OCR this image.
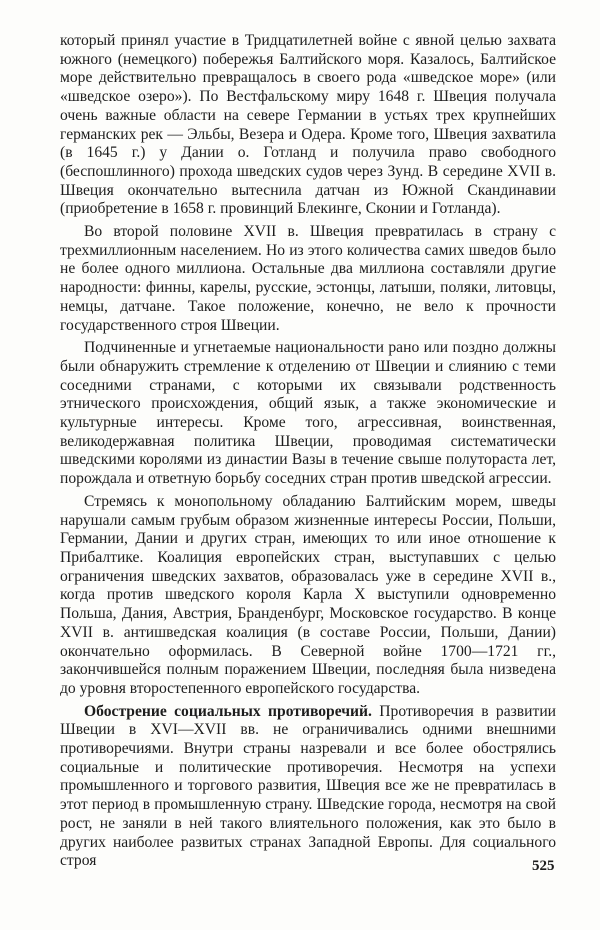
который принял участие в Тридцатилетней войне с явной целью захвата южного (немецкого) побережья Балтийского моря. Казалось, Балтийское море действительно превращалось в своего рода «шведское море» (или «шведское озеро»). По Вестфальскому миру 1648 г. Швеция получала очень важные области на севере Германии в устьях трех крупнейших германских рек — Эльбы, Везера и Одера. Кроме того, Швеция захватила (в 1645 г.) у Дании о. Готланд и получила право свободного (беспошлинного) прохода шведских судов через Зунд. В середине XVII в. Швеция окончательно вытеснила датчан из Южной Скандинавии (приобретение в 1658 г. провинций Блекинге, Сконии и Готланда).

Во второй половине XVII в. Швеция превратилась в страну с трехмиллионным населением. Но из этого количества самих шведов было не более одного миллиона. Остальные два миллиона составляли другие народности: финны, карелы, русские, эстонцы, латыши, поляки, литовцы, немцы, датчане. Такое положение, конечно, не вело к прочности государственного строя Швеции.

Подчиненные и угнетаемые национальности рано или поздно должны были обнаружить стремление к отделению от Швеции и слиянию с теми соседними странами, с которыми их связывали родственность этнического происхождения, общий язык, а также экономические и культурные интересы. Кроме того, агрессивная, воинственная, великодержавная политика Швеции, проводимая систематически шведскими королями из династии Вазы в течение свыше полутораста лет, порождала и ответную борьбу соседних стран против шведской агрессии.

Стремясь к монопольному обладанию Балтийским морем, шведы нарушали самым грубым образом жизненные интересы России, Польши, Германии, Дании и других стран, имеющих то или иное отношение к Прибалтике. Коалиция европейских стран, выступавших с целью ограничения шведских захватов, образовалась уже в середине XVII в., когда против шведского короля Карла X выступили одновременно Польша, Дания, Австрия, Бранденбург, Московское государство. В конце XVII в. антишведская коалиция (в составе России, Польши, Дании) окончательно оформилась. В Северной войне 1700—1721 гг., закончившейся полным поражением Швеции, последняя была низведена до уровня второстепенного европейского государства.

Обострение социальных противоречий. Противоречия в развитии Швеции в XVI—XVII вв. не ограничивались одними внешними противоречиями. Внутри страны назревали и все более обострялись социальные и политические противоречия. Несмотря на успехи промышленного и торгового развития, Швеция все же не превратилась в этот период в промышленную страну. Шведские города, несмотря на свой рост, не заняли в ней такого влиятельного положения, как это было в других наиболее развитых странах Западной Европы. Для социального строя	525
